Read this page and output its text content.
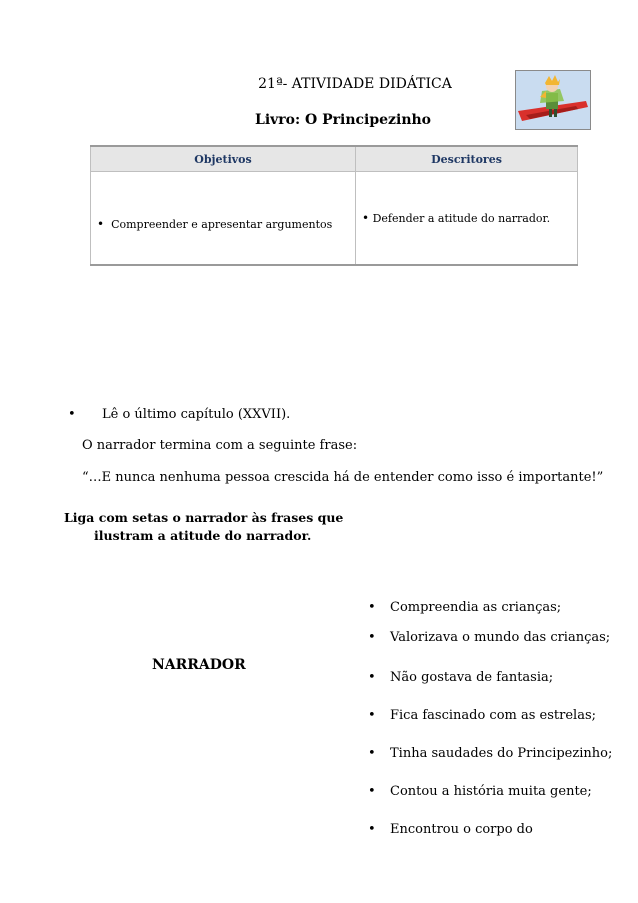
21ª- ATIVIDADE DIDÁTICA
Livro: O Principezinho
Objetivos	Descritores
• Compreender e apresentar argumentos	• Defender a atitude do narrador.
• Lê o último capítulo (XXVII).
O narrador termina com a seguinte frase:
“…E nunca nenhuma pessoa crescida há de entender como isso é importante!”
Liga com setas o narrador às frases que
ilustram a atitude do narrador.
NARRADOR
• Compreendia as crianças;
• Valorizava o mundo das crianças;
• Não gostava de fantasia;
• Fica fascinado com as estrelas;
• Tinha saudades do Principezinho;
• Contou a história muita gente;
• Encontrou o corpo do
